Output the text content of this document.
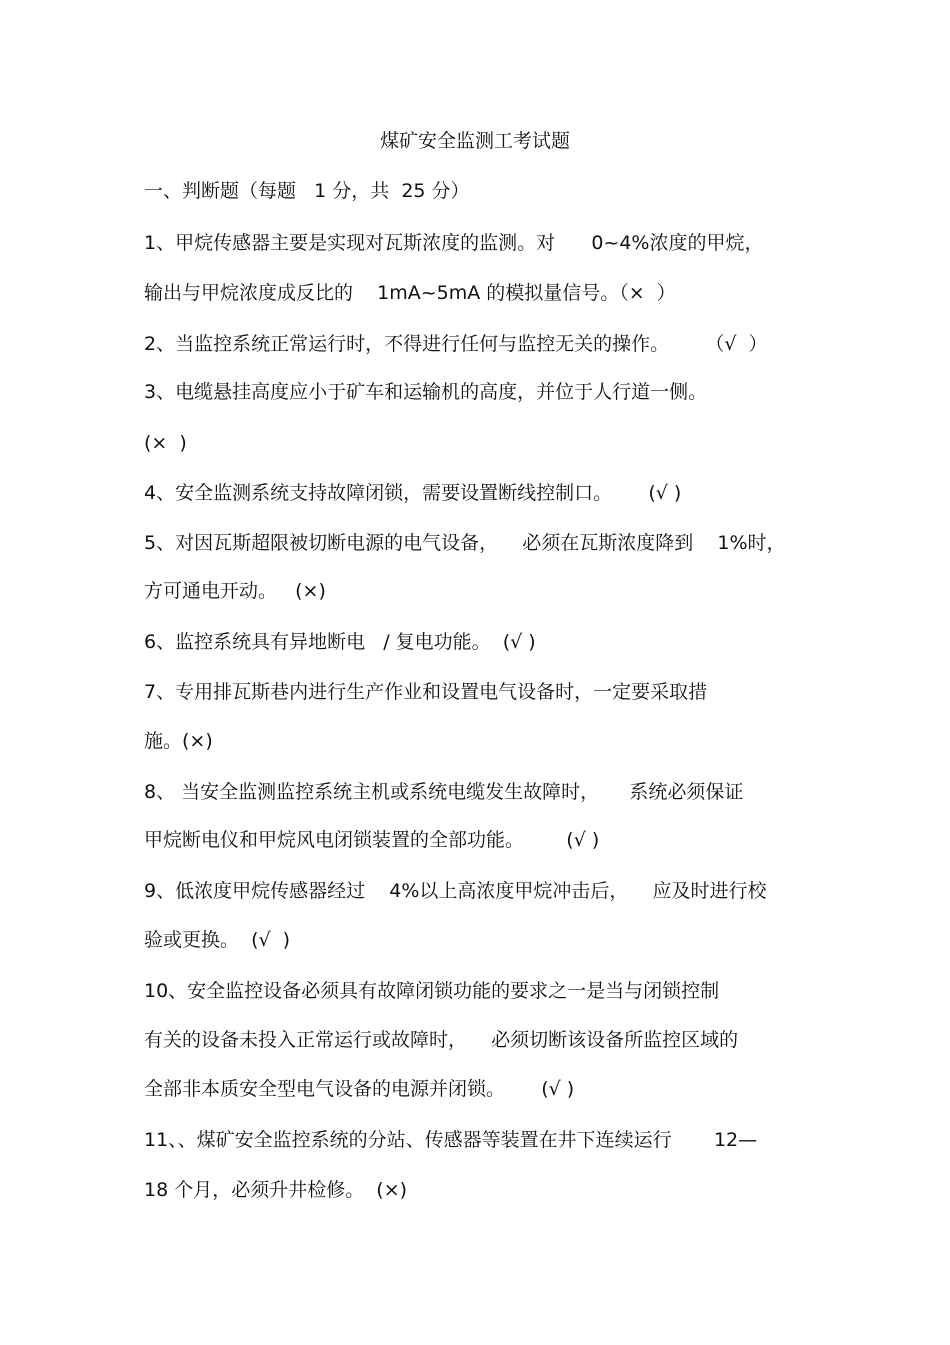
煤矿安全监测工考试题
一、判断题（每题   1 分，共  25 分）
1、甲烷传感器主要是实现对瓦斯浓度的监测。对      0~4%浓度的甲烷，
输出与甲烷浓度成反比的    1mA~5mA 的模拟量信号。（×  ）
2、当监控系统正常运行时，不得进行任何与监控无关的操作。      （√  ）
3、电缆悬挂高度应小于矿车和运输机的高度，并位于人行道一侧。
(×  )
4、安全监测系统支持故障闭锁，需要设置断线控制口。      (√ )
5、对因瓦斯超限被切断电源的电气设备，    必须在瓦斯浓度降到    1%时，
方可通电开动。   (×)
6、监控系统具有异地断电   / 复电功能。  (√ )
7、专用排瓦斯巷内进行生产作业和设置电气设备时，一定要采取措
施。(×)
8、 当安全监测监控系统主机或系统电缆发生故障时，     系统必须保证
甲烷断电仪和甲烷风电闭锁装置的全部功能。       (√ )
9、低浓度甲烷传感器经过    4%以上高浓度甲烷冲击后，    应及时进行校
验或更换。  (√  )
10、安全监控设备必须具有故障闭锁功能的要求之一是当与闭锁控制
有关的设备未投入正常运行或故障时，    必须切断该设备所监控区域的
全部非本质安全型电气设备的电源并闭锁。      (√ )
11、、煤矿安全监控系统的分站、传感器等装置在井下连续运行       12—
18 个月，必须升井检修。  (×)
